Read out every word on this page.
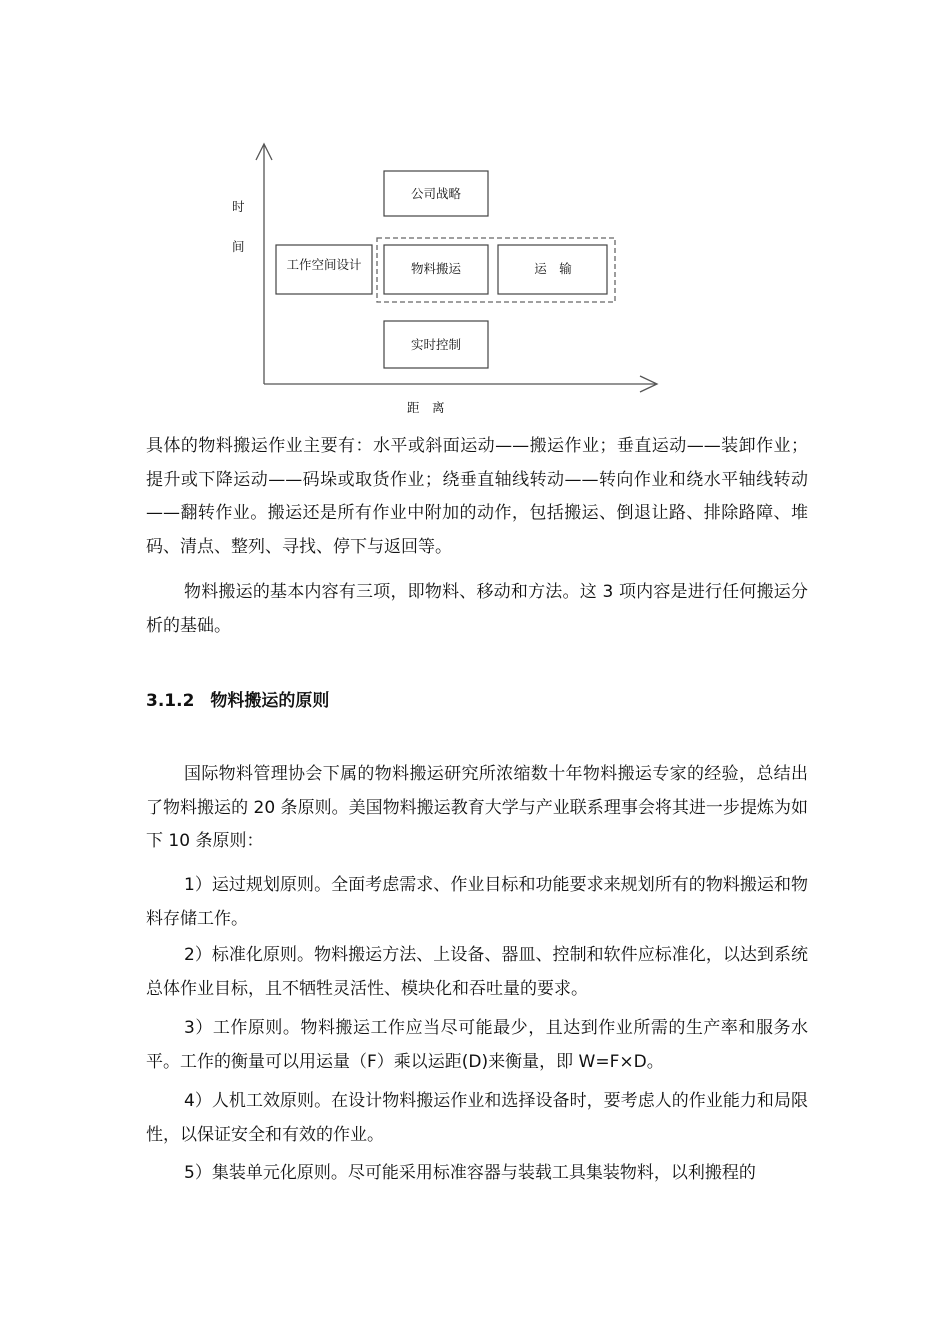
时
间
距　离
公司战略
工作空间设计	物料搬运	运　输
实时控制

具体的物料搬运作业主要有：水平或斜面运动——搬运作业；垂直运动——装卸作业；提升或下降运动——码垛或取货作业；绕垂直轴线转动——转向作业和绕水平轴线转动——翻转作业。搬运还是所有作业中附加的动作，包括搬运、倒退让路、排除路障、堆码、清点、整列、寻找、停下与返回等。

物料搬运的基本内容有三项，即物料、移动和方法。这 3 项内容是进行任何搬运分析的基础。

3.1.2 物料搬运的原则

国际物料管理协会下属的物料搬运研究所浓缩数十年物料搬运专家的经验，总结出了物料搬运的 20 条原则。美国物料搬运教育大学与产业联系理事会将其进一步提炼为如下 10 条原则：

1）运过规划原则。全面考虑需求、作业目标和功能要求来规划所有的物料搬运和物料存储工作。

2）标准化原则。物料搬运方法、上设备、器皿、控制和软件应标准化，以达到系统总体作业目标，且不牺牲灵活性、模块化和吞吐量的要求。

3）工作原则。物料搬运工作应当尽可能最少，且达到作业所需的生产率和服务水平。工作的衡量可以用运量（F）乘以运距(D)来衡量，即 W=F×D。

4）人机工效原则。在设计物料搬运作业和选择设备时，要考虑人的作业能力和局限性，以保证安全和有效的作业。

5）集装单元化原则。尽可能采用标准容器与装载工具集装物料，以利搬程的
